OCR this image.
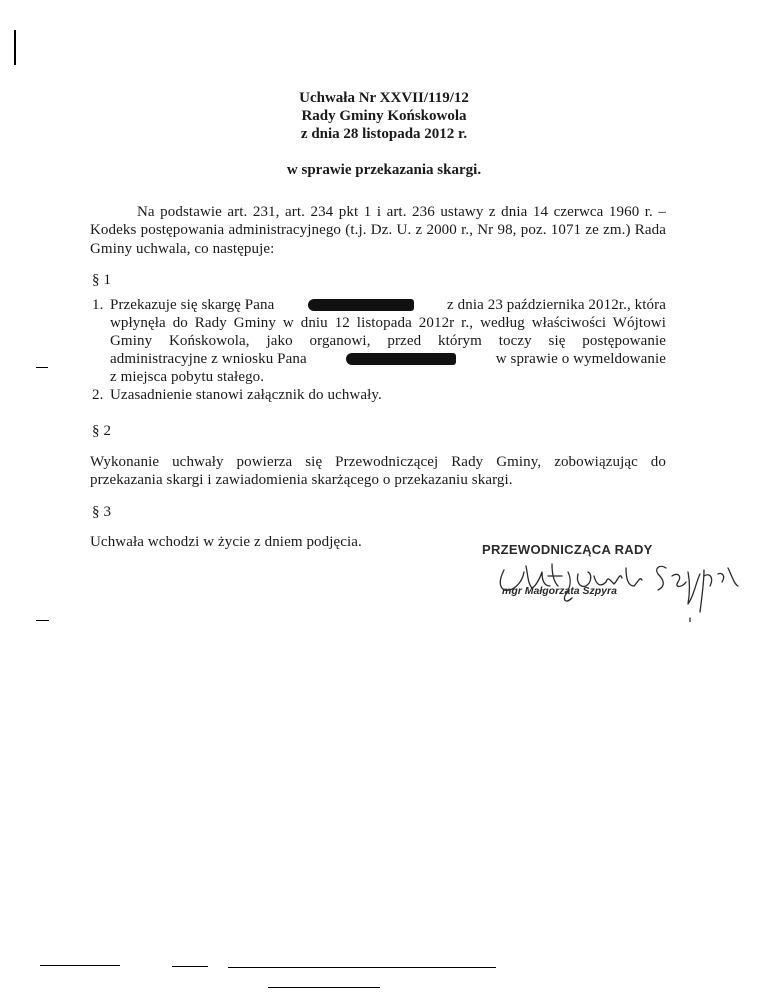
Uchwała Nr XXVII/119/12
Rady Gminy Końskowola
z dnia 28 listopada 2012 r.
w sprawie przekazania skargi.
Na podstawie art. 231, art. 234 pkt 1 i art. 236 ustawy z dnia 14 czerwca 1960 r. –
Kodeks postępowania administracyjnego (t.j. Dz. U. z 2000 r., Nr 98, poz. 1071 ze zm.) Rada
Gminy uchwala, co następuje:
§ 1
1. Przekazuje się skargę Pana	z dnia 23 października 2012r., która
wpłynęła do Rady Gminy w dniu 12 listopada 2012r r., według właściwości Wójtowi
Gminy Końskowola, jako organowi, przed którym toczy się postępowanie
administracyjne z wniosku Pana	w sprawie o wymeldowanie
z miejsca pobytu stałego.
2. Uzasadnienie stanowi załącznik do uchwały.
§ 2
Wykonanie uchwały powierza się Przewodniczącej Rady Gminy, zobowiązując do
przekazania skargi i zawiadomienia skarżącego o przekazaniu skargi.
§ 3
Uchwała wchodzi w życie z dniem podjęcia.	PRZEWODNICZĄCA RADY
mgr Małgorzata Szpyra
